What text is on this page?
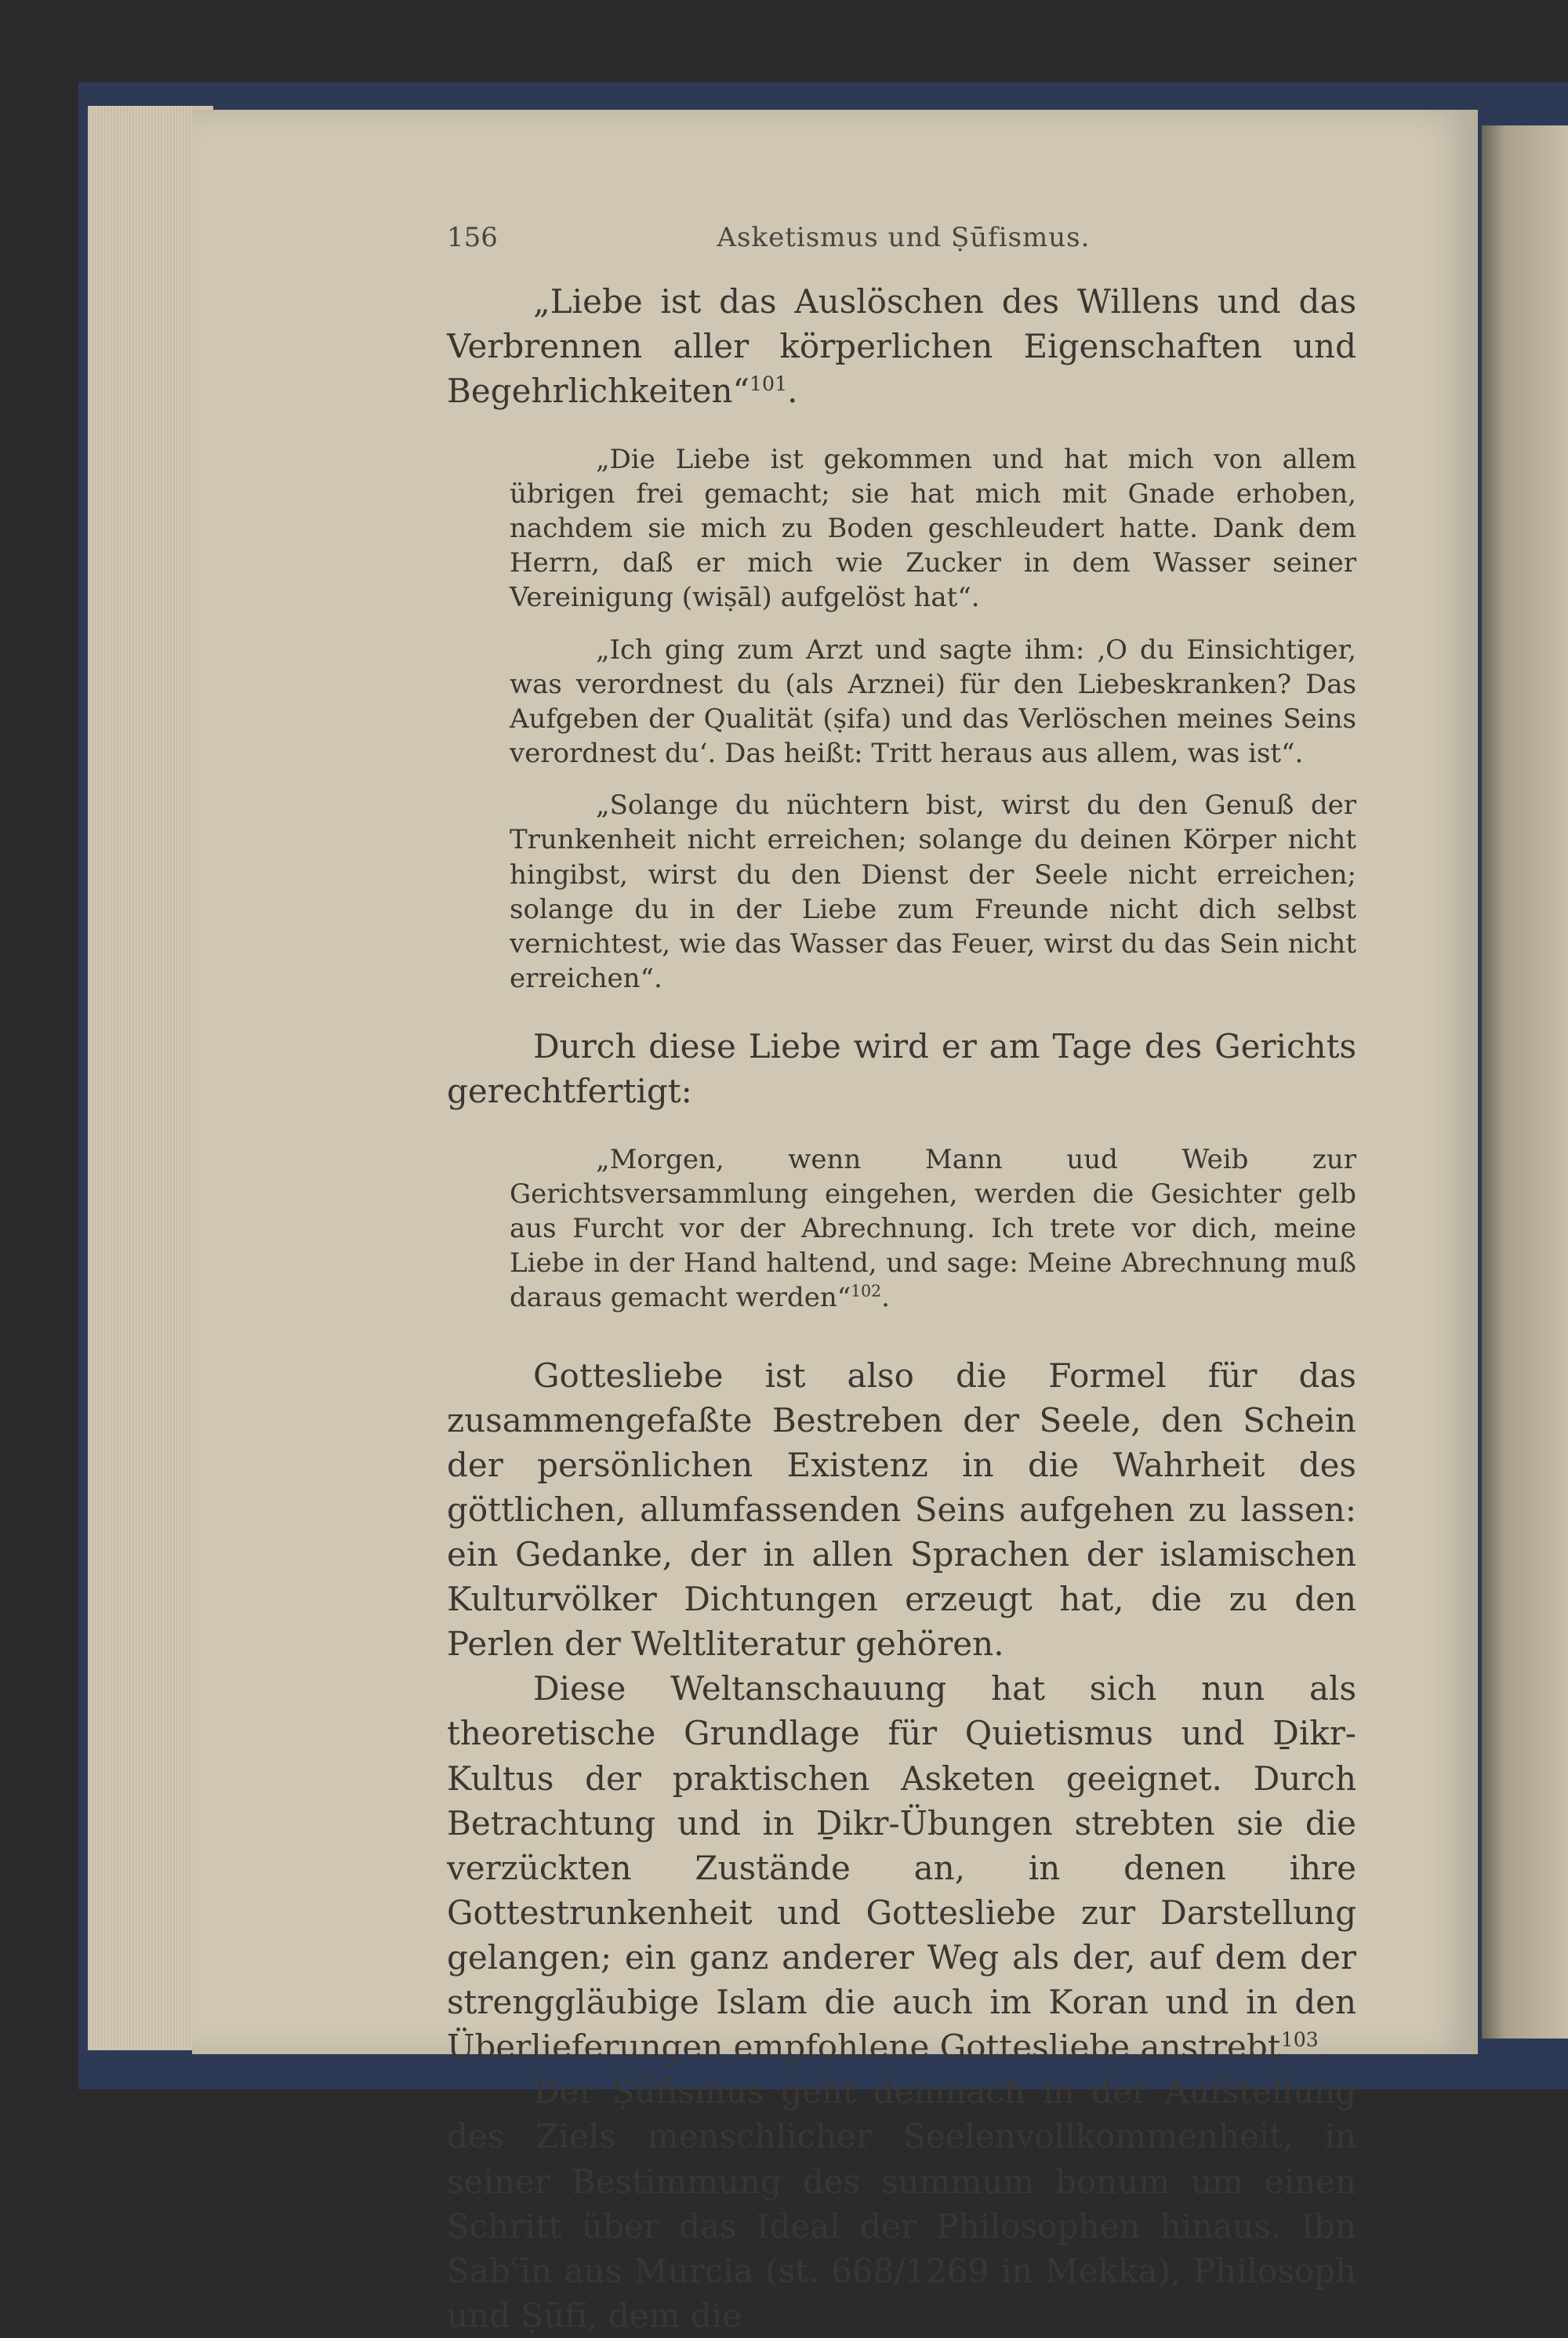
156	Asketismus und Ṣūfismus.

„Liebe ist das Auslöschen des Willens und das Verbrennen aller körperlichen Eigenschaften und Begehrlichkeiten“$^{101}$.

„Die Liebe ist gekommen und hat mich von allem übrigen frei gemacht; sie hat mich mit Gnade erhoben, nachdem sie mich zu Boden geschleudert hatte. Dank dem Herrn, daß er mich wie Zucker in dem Wasser seiner Vereinigung (wiṣāl) aufgelöst hat“.

„Ich ging zum Arzt und sagte ihm: ‚O du Einsichtiger, was verordnest du (als Arznei) für den Liebeskranken? Das Aufgeben der Qualität (ṣifa) und das Verlöschen meines Seins verordnest du‘. Das heißt: Tritt heraus aus allem, was ist“.

„Solange du nüchtern bist, wirst du den Genuß der Trunkenheit nicht erreichen; solange du deinen Körper nicht hingibst, wirst du den Dienst der Seele nicht erreichen; solange du in der Liebe zum Freunde nicht dich selbst vernichtest, wie das Wasser das Feuer, wirst du das Sein nicht erreichen“.

Durch diese Liebe wird er am Tage des Gerichts gerechtfertigt:

„Morgen, wenn Mann uud Weib zur Gerichtsversammlung eingehen, werden die Gesichter gelb aus Furcht vor der Abrechnung. Ich trete vor dich, meine Liebe in der Hand haltend, und sage: Meine Abrechnung muß daraus gemacht werden“$^{102}$.

Gottesliebe ist also die Formel für das zusammengefaßte Bestreben der Seele, den Schein der persönlichen Existenz in die Wahrheit des göttlichen, allumfassenden Seins aufgehen zu lassen: ein Gedanke, der in allen Sprachen der islamischen Kulturvölker Dichtungen erzeugt hat, die zu den Perlen der Weltliteratur gehören.

Diese Weltanschauung hat sich nun als theoretische Grundlage für Quietismus und Ḏikr-Kultus der praktischen Asketen geeignet. Durch Betrachtung und in Ḏikr-Übungen strebten sie die verzückten Zustände an, in denen ihre Gottestrunkenheit und Gottesliebe zur Darstellung gelangen; ein ganz anderer Weg als der, auf dem der strenggläubige Islam die auch im Koran und in den Überlieferungen empfohlene Gottesliebe anstrebt$^{103}$.

Der Ṣūfismus geht demnach in der Aufstellung des Ziels menschlicher Seelenvollkommenheit, in seiner Bestimmung des summum bonum um einen Schritt über das Ideal der Philosophen hinaus. Ibn Sabʿīn aus Murcia (st. 668/1269 in Mekka), Philosoph und Ṣūfī, dem die
